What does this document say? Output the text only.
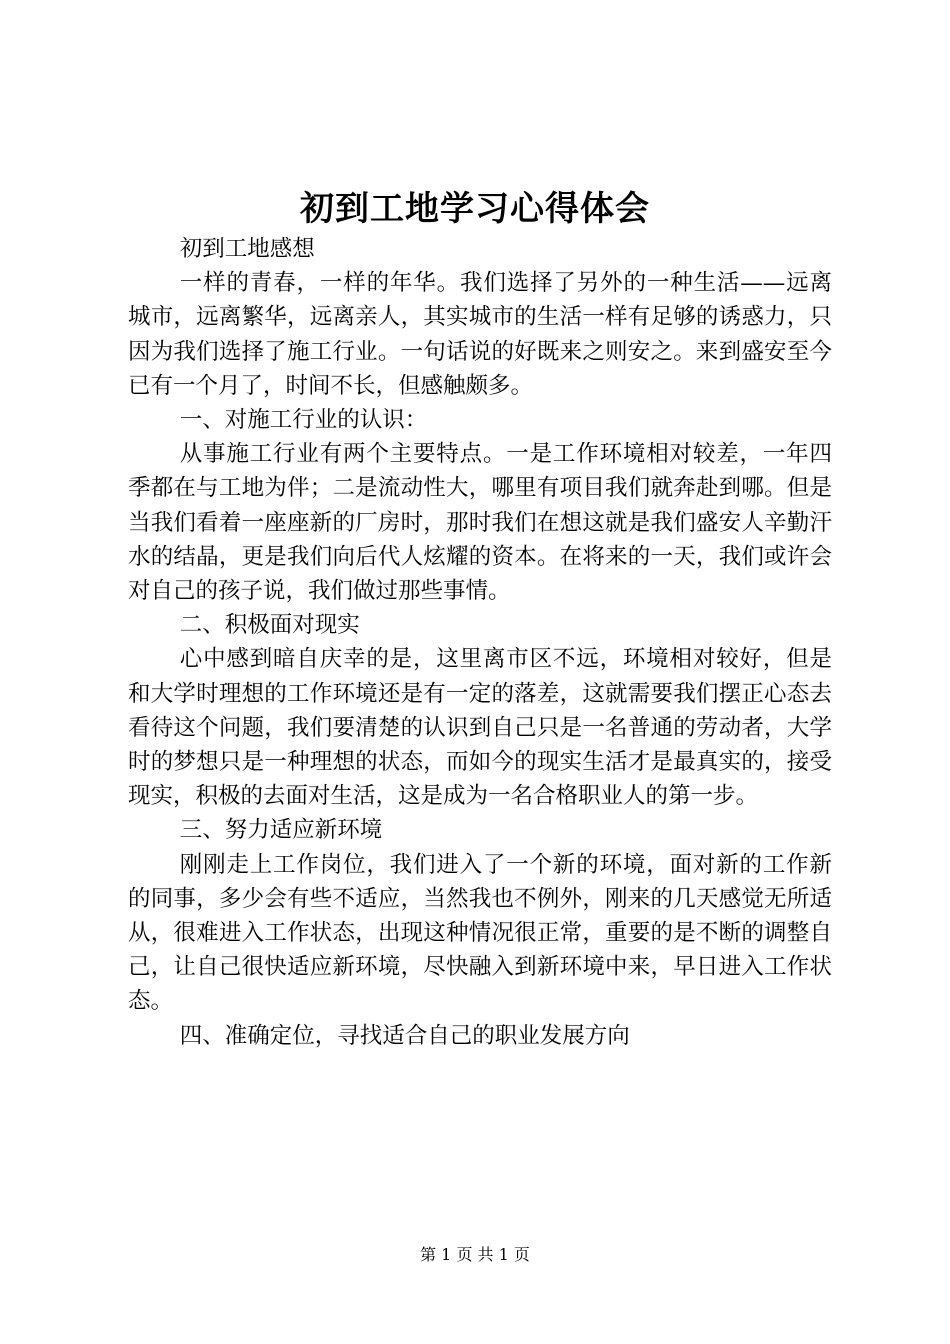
初到工地学习心得体会

初到工地感想

一样的青春，一样的年华。我们选择了另外的一种生活——远离城市，远离繁华，远离亲人，其实城市的生活一样有足够的诱惑力，只因为我们选择了施工行业。一句话说的好既来之则安之。来到盛安至今已有一个月了，时间不长，但感触颇多。

一、对施工行业的认识：

从事施工行业有两个主要特点。一是工作环境相对较差，一年四季都在与工地为伴；二是流动性大，哪里有项目我们就奔赴到哪。但是当我们看着一座座新的厂房时，那时我们在想这就是我们盛安人辛勤汗水的结晶，更是我们向后代人炫耀的资本。在将来的一天，我们或许会对自己的孩子说，我们做过那些事情。

二、积极面对现实

心中感到暗自庆幸的是，这里离市区不远，环境相对较好，但是和大学时理想的工作环境还是有一定的落差，这就需要我们摆正心态去看待这个问题，我们要清楚的认识到自己只是一名普通的劳动者，大学时的梦想只是一种理想的状态，而如今的现实生活才是最真实的，接受现实，积极的去面对生活，这是成为一名合格职业人的第一步。

三、努力适应新环境

刚刚走上工作岗位，我们进入了一个新的环境，面对新的工作新的同事，多少会有些不适应，当然我也不例外，刚来的几天感觉无所适从，很难进入工作状态，出现这种情况很正常，重要的是不断的调整自己，让自己很快适应新环境，尽快融入到新环境中来，早日进入工作状态。

四、准确定位，寻找适合自己的职业发展方向

第 1 页 共 1 页
